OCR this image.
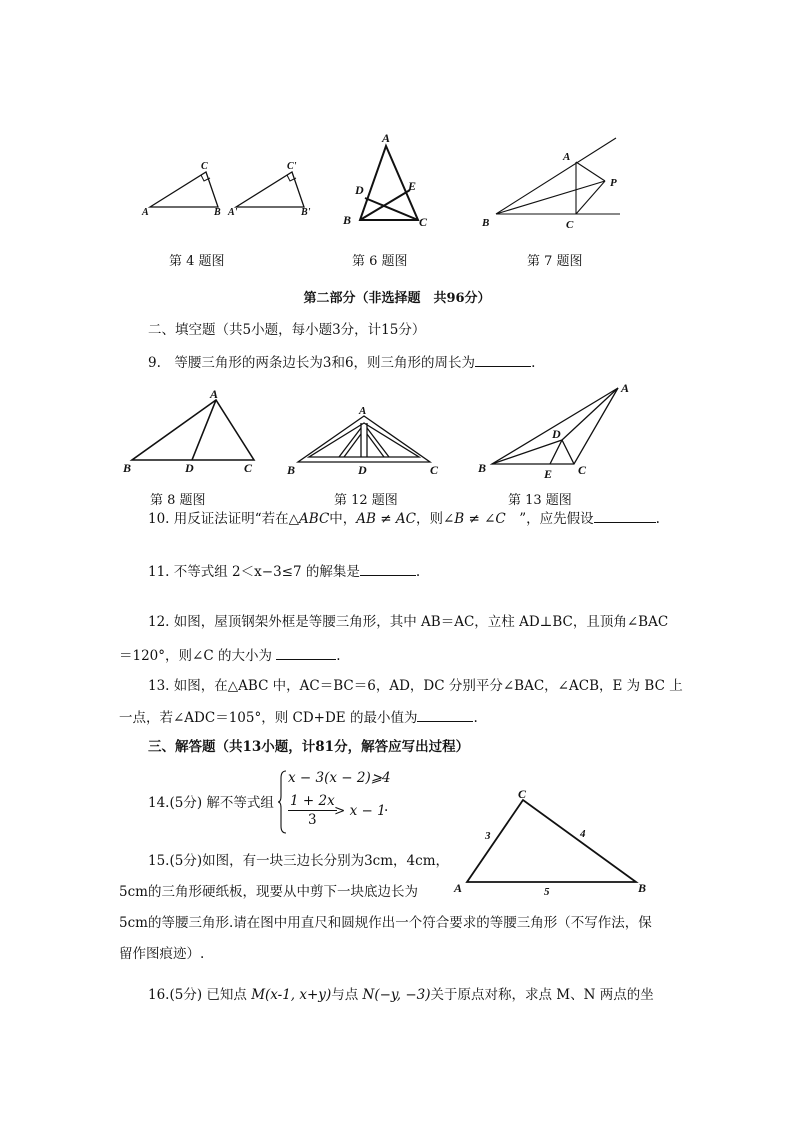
C
A	B
C'
A'	B'
第 4 题图
A
D	E
B	C
第 6 题图
A
P
B	C
第 7 题图
第二部分（非选择题　共96分）
二、填空题（共5小题，每小题3分，计15分）
9.　等腰三角形的两条边长为3和6，则三角形的周长为	.
A
B	D	C
第 8 题图
A
B	D	C
第 12 题图
A
D
B	E C
第 13 题图
10. 用反证法证明“若在△ABC中，AB ≠ AC，则∠B ≠ ∠C　”，应先假设	.
11. 不等式组 2＜x−3≤7 的解集是	.
12. 如图，屋顶钢架外框是等腰三角形，其中 AB＝AC，立柱 AD⊥BC，且顶角∠BAC
＝120°，则∠C 的大小为	.
13. 如图，在△ABC 中，AC＝BC＝6，AD，DC 分别平分∠BAC，∠ACB，E 为 BC 上
一点，若∠ADC＝105°，则 CD+DE 的最小值为	.
三、解答题（共13小题，计81分，解答应写出过程）
14.(5分) 解不等式组
x − 3(x − 2)⩾4
$\frac{1 + 2x}{3}$
> x − 1
.
C
3	4
A	5	B
15.(5分)如图，有一块三边长分别为3cm，4cm，
5cm的三角形硬纸板，现要从中剪下一块底边长为
5cm的等腰三角形.请在图中用直尺和圆规作出一个符合要求的等腰三角形（不写作法，保
留作图痕迹）.
16.(5分) 已知点 M(x-1, x+y)与点 N(−y, −3)关于原点对称，求点 M、N 两点的坐
